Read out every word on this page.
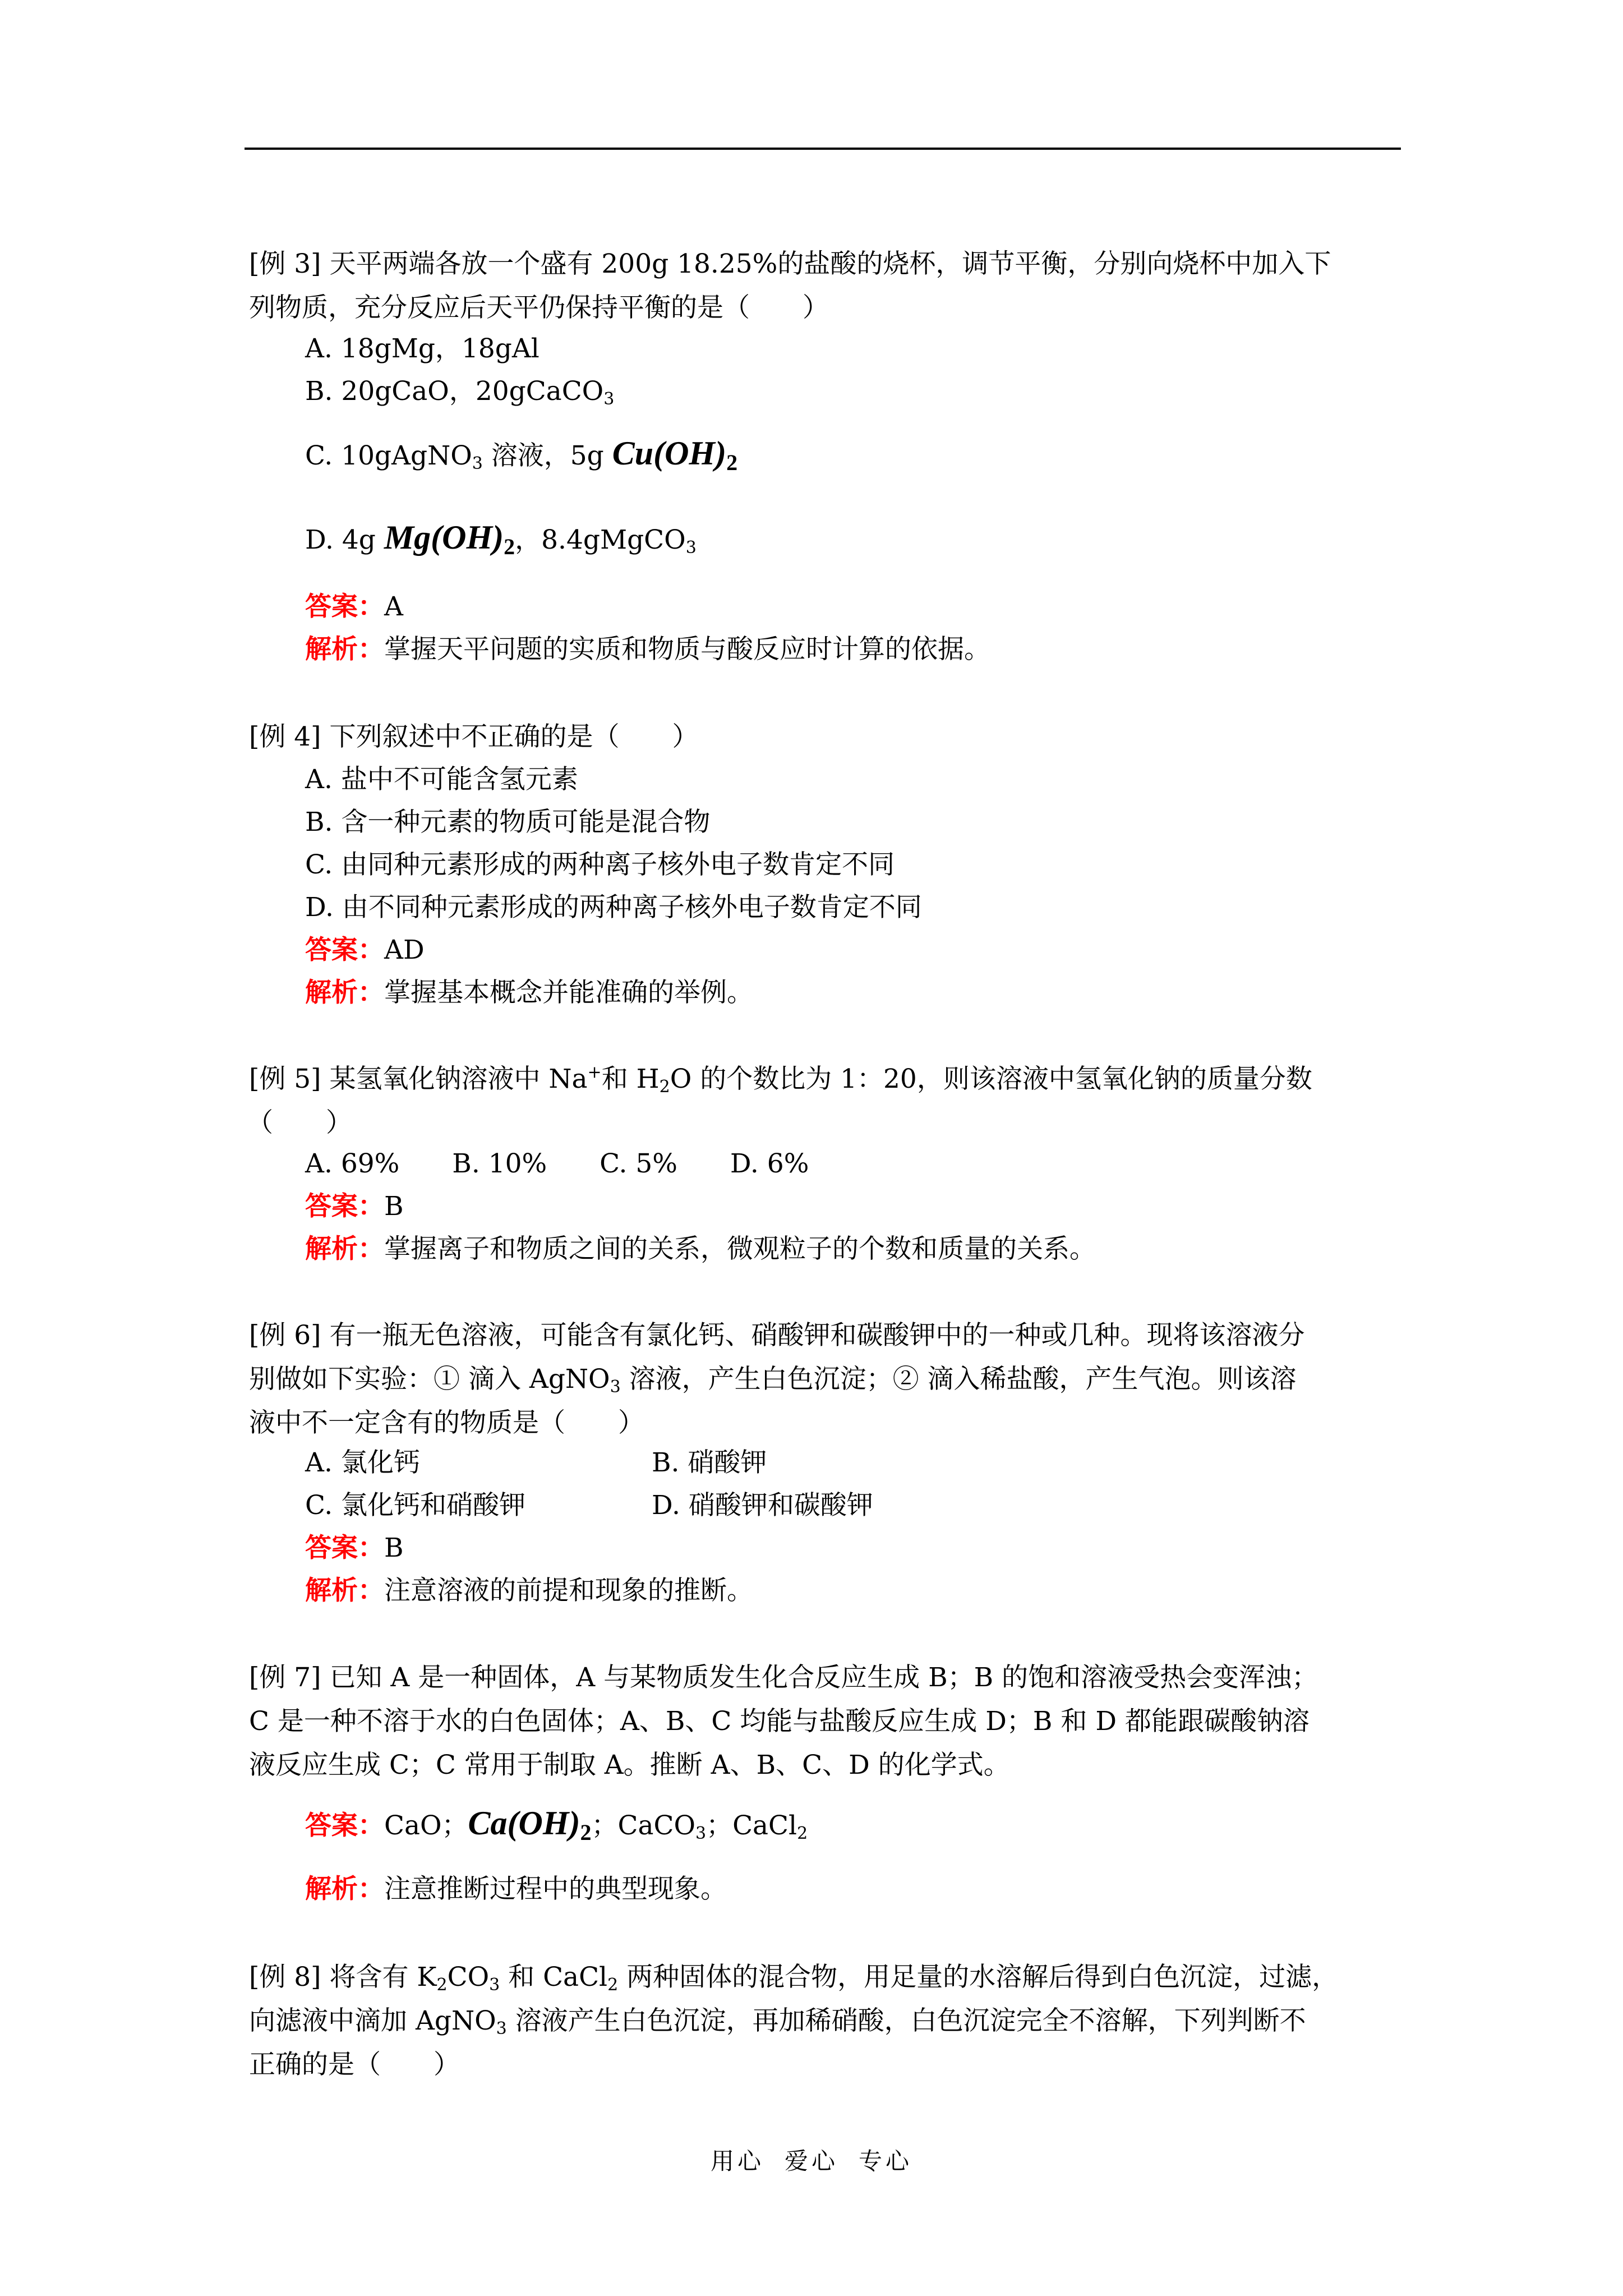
[例 3] 天平两端各放一个盛有 200g 18.25%的盐酸的烧杯，调节平衡，分别向烧杯中加入下
列物质，充分反应后天平仍保持平衡的是（　　）
A. 18gMg，18gAl
B. 20gCaO，20gCaCO$_3$
C. 10gAgNO$_3$ 溶液，5g $Cu(OH)_2$
D. 4g $Mg(OH)_2$，8.4gMgCO$_3$
答案：A
解析：掌握天平问题的实质和物质与酸反应时计算的依据。
[例 4] 下列叙述中不正确的是（　　）
A. 盐中不可能含氢元素
B. 含一种元素的物质可能是混合物
C. 由同种元素形成的两种离子核外电子数肯定不同
D. 由不同种元素形成的两种离子核外电子数肯定不同
答案：AD
解析：掌握基本概念并能准确的举例。
[例 5] 某氢氧化钠溶液中 Na+和 $H_2O$ 的个数比为 1：20，则该溶液中氢氧化钠的质量分数
（　　）
A. 69%　　B. 10%　　C. 5%　　D. 6%
答案：B
解析：掌握离子和物质之间的关系，微观粒子的个数和质量的关系。
[例 6] 有一瓶无色溶液，可能含有氯化钙、硝酸钾和碳酸钾中的一种或几种。现将该溶液分
别做如下实验：① 滴入 AgNO$_3$ 溶液，产生白色沉淀；② 滴入稀盐酸，产生气泡。则该溶
液中不一定含有的物质是（　　）
A. 氯化钙	B. 硝酸钾
C. 氯化钙和硝酸钾	D. 硝酸钾和碳酸钾
答案：B
解析：注意溶液的前提和现象的推断。
[例 7] 已知 A 是一种固体，A 与某物质发生化合反应生成 B；B 的饱和溶液受热会变浑浊；
C 是一种不溶于水的白色固体；A、B、C 均能与盐酸反应生成 D；B 和 D 都能跟碳酸钠溶
液反应生成 C；C 常用于制取 A。推断 A、B、C、D 的化学式。
答案：CaO；$Ca(OH)_2$；CaCO$_3$；CaCl$_2$
解析：注意推断过程中的典型现象。
[例 8] 将含有 $K_2CO_3$ 和 CaCl$_2$ 两种固体的混合物，用足量的水溶解后得到白色沉淀，过滤，
向滤液中滴加 AgNO$_3$ 溶液产生白色沉淀，再加稀硝酸，白色沉淀完全不溶解，下列判断不
正确的是（　　）
用心 爱心 专心
